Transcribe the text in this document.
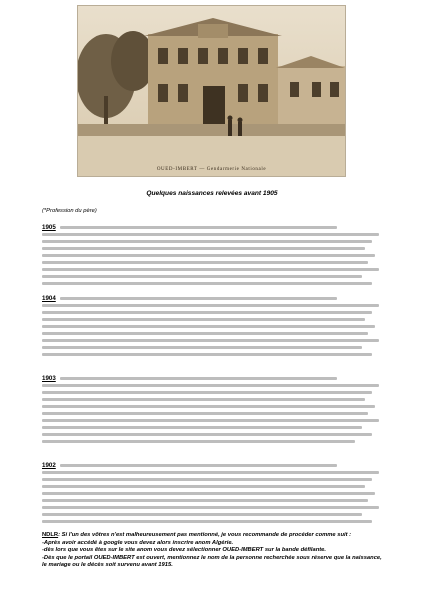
OUED-IMBERT — Gendarmerie Nationale
Quelques naissances relevées avant 1905
(*Profession du père)
1905
1904
1903
1902
NDLR: Si l'un des vôtres n'est malheureusement pas mentionné, je vous recommande de procéder comme suit :
-Après avoir accédé à google vous devez alors inscrire anom Algérie.
-dès lors que vous êtes sur le site anom vous devez sélectionner OUED-IMBERT sur la bande défilante.
-Dès que le portail OUED-IMBERT est ouvert, mentionnez le nom de la personne recherchée sous réserve que la naissance, le mariage ou le décès soit survenu avant 1915.
